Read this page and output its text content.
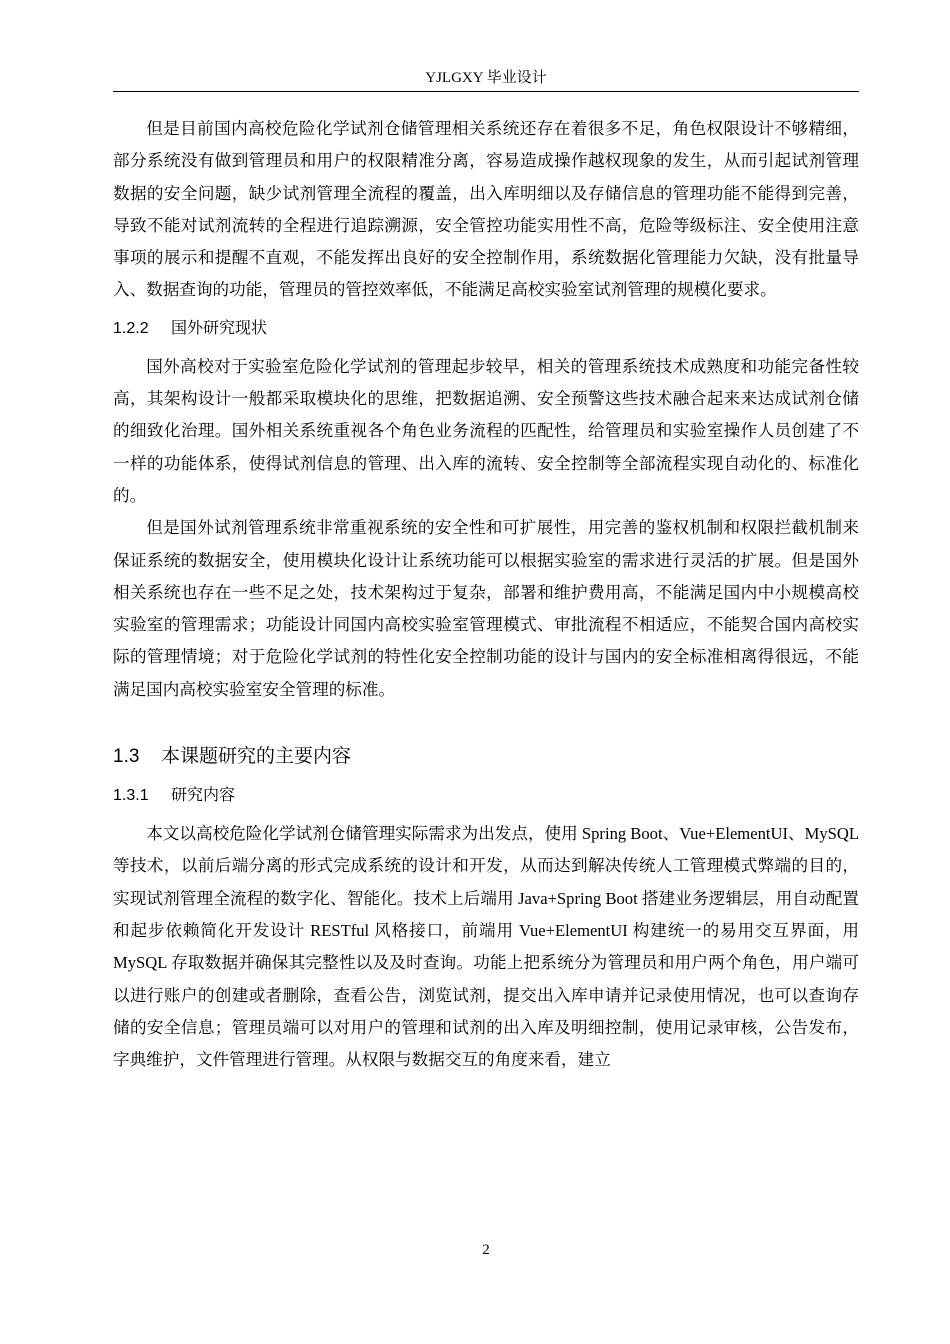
YJLGXY 毕业设计

但是目前国内高校危险化学试剂仓储管理相关系统还存在着很多不足，角色权限设计不够精细，部分系统没有做到管理员和用户的权限精准分离，容易造成操作越权现象的发生，从而引起试剂管理数据的安全问题，缺少试剂管理全流程的覆盖，出入库明细以及存储信息的管理功能不能得到完善，导致不能对试剂流转的全程进行追踪溯源，安全管控功能实用性不高，危险等级标注、安全使用注意事项的展示和提醒不直观，不能发挥出良好的安全控制作用，系统数据化管理能力欠缺，没有批量导入、数据查询的功能，管理员的管控效率低，不能满足高校实验室试剂管理的规模化要求。

1.2.2 国外研究现状

国外高校对于实验室危险化学试剂的管理起步较早，相关的管理系统技术成熟度和功能完备性较高，其架构设计一般都采取模块化的思维，把数据追溯、安全预警这些技术融合起来来达成试剂仓储的细致化治理。国外相关系统重视各个角色业务流程的匹配性，给管理员和实验室操作人员创建了不一样的功能体系，使得试剂信息的管理、出入库的流转、安全控制等全部流程实现自动化的、标准化的。

但是国外试剂管理系统非常重视系统的安全性和可扩展性，用完善的鉴权机制和权限拦截机制来保证系统的数据安全，使用模块化设计让系统功能可以根据实验室的需求进行灵活的扩展。但是国外相关系统也存在一些不足之处，技术架构过于复杂，部署和维护费用高，不能满足国内中小规模高校实验室的管理需求；功能设计同国内高校实验室管理模式、审批流程不相适应，不能契合国内高校实际的管理情境；对于危险化学试剂的特性化安全控制功能的设计与国内的安全标准相离得很远，不能满足国内高校实验室安全管理的标准。

1.3 本课题研究的主要内容
1.3.1 研究内容

本文以高校危险化学试剂仓储管理实际需求为出发点，使用 Spring Boot、Vue+ElementUI、MySQL 等技术，以前后端分离的形式完成系统的设计和开发，从而达到解决传统人工管理模式弊端的目的，实现试剂管理全流程的数字化、智能化。技术上后端用 Java+Spring Boot 搭建业务逻辑层，用自动配置和起步依赖简化开发设计 RESTful 风格接口，前端用 Vue+ElementUI 构建统一的易用交互界面，用 MySQL 存取数据并确保其完整性以及及时查询。功能上把系统分为管理员和用户两个角色，用户端可以进行账户的创建或者删除，查看公告，浏览试剂，提交出入库申请并记录使用情况，也可以查询存储的安全信息；管理员端可以对用户的管理和试剂的出入库及明细控制，使用记录审核，公告发布，字典维护，文件管理进行管理。从权限与数据交互的角度来看，建立

2
